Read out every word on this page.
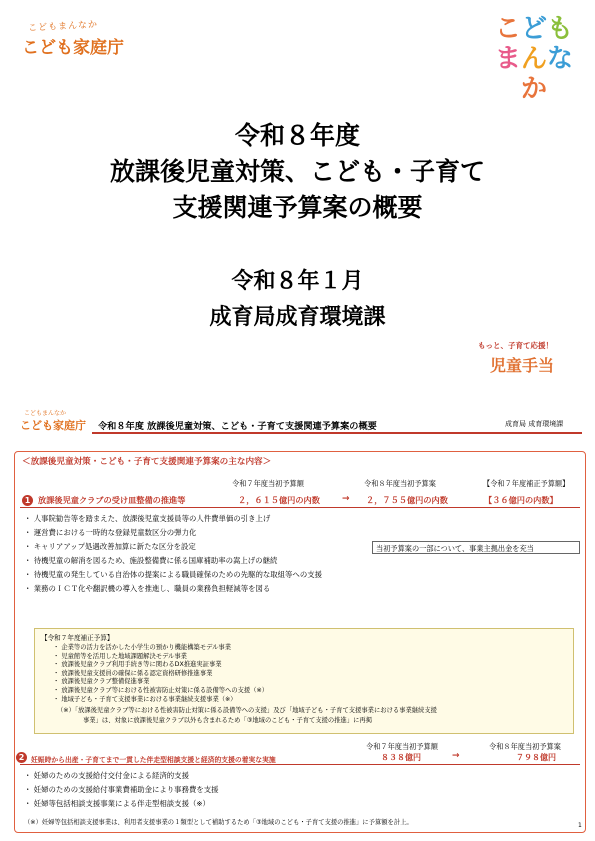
こどもまんなか
こども家庭庁
こども
まんなか
令和８年度
放課後児童対策、こども・子育て
支援関連予算案の概要
令和８年１月
成育局成育環境課
もっと、子育て応援！
児童手当
こどもまんなか
こども家庭庁	令和８年度 放課後児童対策、こども・子育て支援関連予算案の概要	成育局 成育環境課
＜放課後児童対策・こども・子育て支援関連予算案の主な内容＞
令和７年度当初予算額	令和８年度当初予算案	【令和７年度補正予算額】
1 放課後児童クラブの受け皿整備の推進等	２，６１５億円の内数 → ２，７５５億円の内数	【３６億円の内数】
・ 人事院勧告等を踏まえた、放課後児童支援員等の人件費単価の引き上げ
・ 運営費における一時的な登録児童数区分の弾力化
・ キャリアアップ処遇改善加算に新たな区分を設定
・ 待機児童の解消を図るため、施設整備費に係る国庫補助率の嵩上げの継続
・ 待機児童の発生している自治体の提案による職員確保のための先駆的な取組等への支援
・ 業務のＩＣＴ化や翻訳機の導入を推進し、職員の業務負担軽減等を図る
当初予算案の一部について、事業主拠出金を充当
【令和７年度補正予算】
・ 企業等の活力を活かした小学生の預かり機能構築モデル事業
・ 児童館等を活用した地域課題解決モデル事業
・ 放課後児童クラブ利用手続き等に関わるDX推進実証事業
・ 放課後児童支援員の確保に係る認定資格研修推進事業
・ 放課後児童クラブ整備促進事業
・ 放課後児童クラブ等における性被害防止対策に係る設備等への支援（※）
・ 地域子ども・子育て支援事業における事業継続支援事業（※）
（※）「放課後児童クラブ等における性被害防止対策に係る設備等への支援」及び「地域子ども・子育て支援事業における事業継続支援
事業」は、対象に放課後児童クラブ以外も含まれるため「③地域のこども・子育て支援の推進」に再掲
令和７年度当初予算額	令和８年度当初予算案
2 妊娠時から出産・子育てまで一貫した伴走型相談支援と経済的支援の着実な実施	８３８億円	→	７９８億円
・ 妊婦のための支援給付交付金による経済的支援
・ 妊婦のための支援給付事業費補助金により事務費を支援
・ 妊婦等包括相談支援事業による伴走型相談支援（※）
（※）妊婦等包括相談支援事業は、利用者支援事業の１類型として補助するため「③地域のこども・子育て支援の推進」に予算額を計上。	1
